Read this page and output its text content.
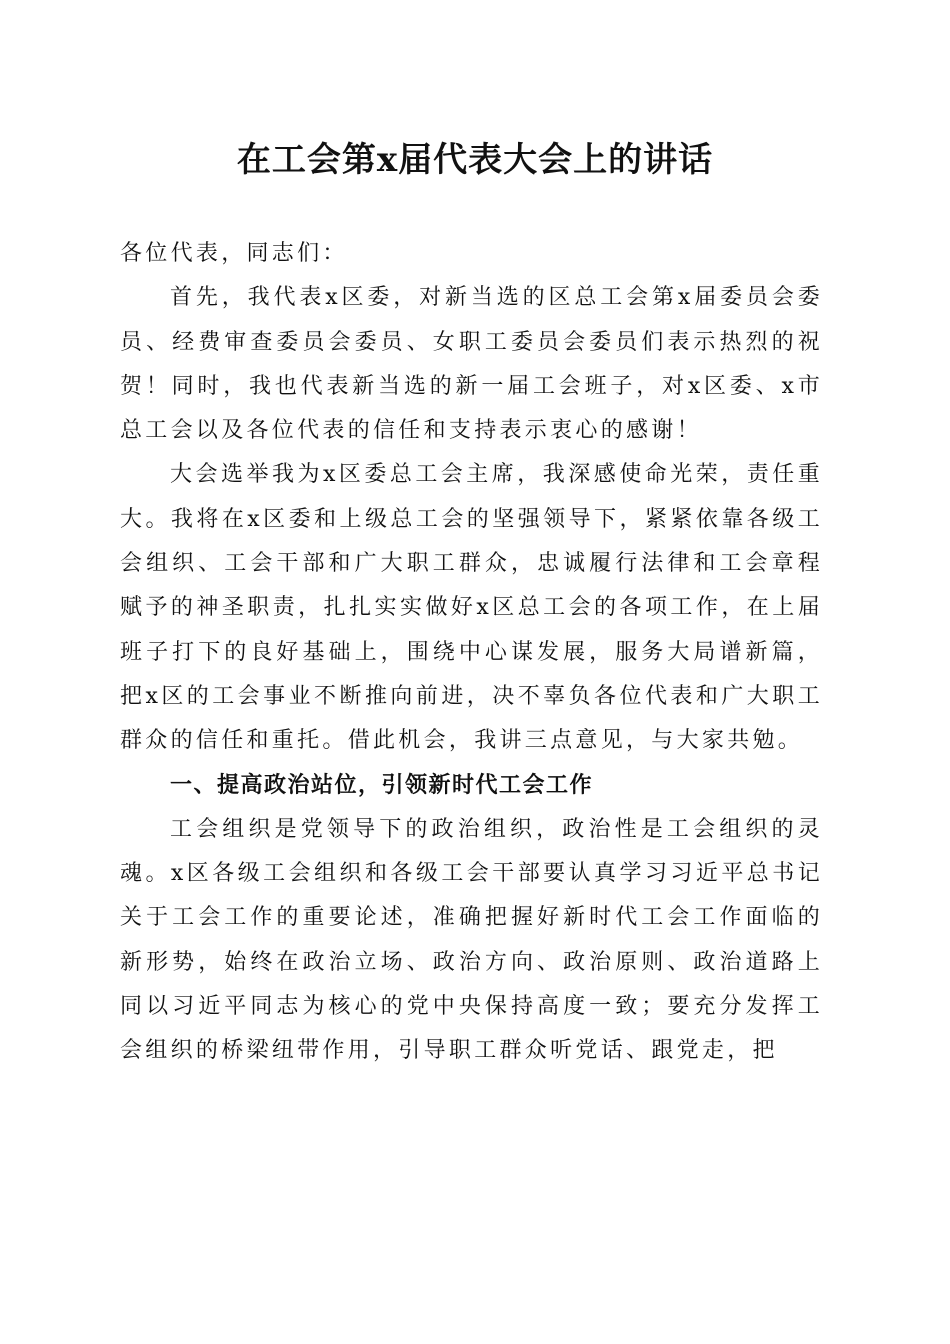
在工会第x届代表大会上的讲话

各位代表，同志们：

首先，我代表x区委，对新当选的区总工会第x届委员会委员、经费审查委员会委员、女职工委员会委员们表示热烈的祝贺！同时，我也代表新当选的新一届工会班子，对x区委、x市总工会以及各位代表的信任和支持表示衷心的感谢！

大会选举我为x区委总工会主席，我深感使命光荣，责任重大。我将在x区委和上级总工会的坚强领导下，紧紧依靠各级工会组织、工会干部和广大职工群众，忠诚履行法律和工会章程赋予的神圣职责，扎扎实实做好x区总工会的各项工作，在上届班子打下的良好基础上，围绕中心谋发展，服务大局谱新篇，把x区的工会事业不断推向前进，决不辜负各位代表和广大职工群众的信任和重托。借此机会，我讲三点意见，与大家共勉。

一、提高政治站位，引领新时代工会工作

工会组织是党领导下的政治组织，政治性是工会组织的灵魂。x区各级工会组织和各级工会干部要认真学习习近平总书记关于工会工作的重要论述，准确把握好新时代工会工作面临的新形势，始终在政治立场、政治方向、政治原则、政治道路上同以习近平同志为核心的党中央保持高度一致；要充分发挥工会组织的桥梁纽带作用，引导职工群众听党话、跟党走，把
